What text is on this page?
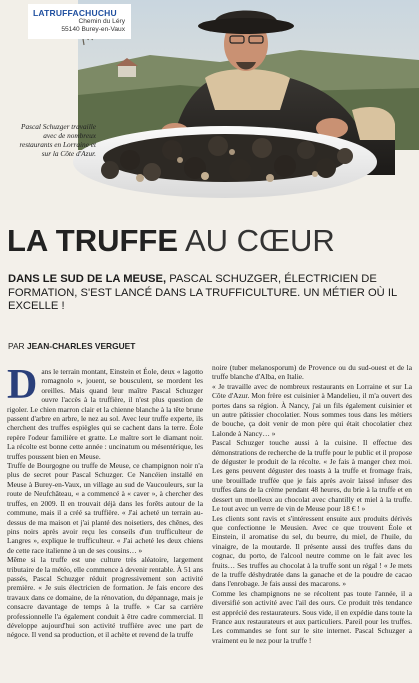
LATRUFFACHUCHU
Chemin du Léry
55140 Burey-en-Vaux
Pascal Schuzger travaille avec de nombreux restaurants en Lorraine et sur la Côte d'Azur.
LA TRUFFE AU CŒUR
DANS LE SUD DE LA MEUSE, PASCAL SCHUZGER, ÉLECTRICIEN DE FORMATION, S'EST LANCÉ DANS LA TRUFFICULTURE. UN MÉTIER OÙ IL EXCELLE !
PAR JEAN-CHARLES VERGUET

Dans le terrain montant, Einstein et Éole, deux « lagotto romagnolo », jouent, se bousculent, se mordent les oreilles. Mais quand leur maître Pascal Schuzger ouvre l'accès à la truffière, il n'est plus question de rigoler. Le chien marron clair et la chienne blanche à la tête brune passent d'arbre en arbre, le nez au sol. Avec leur truffe experte, ils cherchent des truffes espiègles qui se cachent dans la terre. Éole repère l'odeur familière et gratte. Le maître sort le diamant noir. La récolte est bonne cette année : uncinatum ou mésentérique, les truffes poussent bien en Meuse.

Truffe de Bourgogne ou truffe de Meuse, ce champignon noir n'a plus de secret pour Pascal Schuzger. Ce Nancéien installé en Meuse à Burey-en-Vaux, un village au sud de Vaucouleurs, sur la route de Neufchâteau, « a commencé à « caver », à chercher des truffes, en 2009. Il en trouvait déjà dans les forêts autour de la commune, mais il a créé sa truffière. « J'ai acheté un terrain au-dessus de ma maison et j'ai planté des noisetiers, des chênes, des pins noirs après avoir reçu les conseils d'un trufficulteur de Langres », explique le trufficulteur. « J'ai acheté les deux chiens de cette race italienne à un de ses cousins… »

Même si la truffe est une culture très aléatoire, largement tributaire de la météo, elle commence à devenir rentable. À 51 ans passés, Pascal Schuzger réduit progressivement son activité première. « Je suis électricien de formation. Je fais encore des travaux dans ce domaine, de la rénovation, du dépannage, mais je consacre davantage de temps à la truffe. » Car sa carrière professionnelle l'a également conduit à être cadre commercial. Il développe aujourd'hui son activité truffière avec une part de négoce. Il vend sa production, et il achète et revend de la truffe

noire (tuber melanosporum) de Provence ou du sud-ouest et de la truffe blanche d'Alba, en Italie.

« Je travaille avec de nombreux restaurants en Lorraine et sur La Côte d'Azur. Mon frère est cuisinier à Mandelieu, il m'a ouvert des portes dans sa région. À Nancy, j'ai un fils également cuisinier et un autre pâtissier chocolatier. Nous sommes tous dans les métiers de bouche, ça doit venir de mon père qui était chocolatier chez Lalonde à Nancy… »

Pascal Schuzger touche aussi à la cuisine. Il effectue des démonstrations de recherche de la truffe pour le public et il propose de déguster le produit de la récolte. « Je fais à manger chez moi. Les gens peuvent déguster des toasts à la truffe et fromage frais, une brouillade truffée que je fais après avoir laissé infuser des truffes dans de la crème pendant 48 heures, du brie à la truffe et en dessert un moelleux au chocolat avec chantilly et miel à la truffe. Le tout avec un verre de vin de Meuse pour 18 € ! »

Les clients sont ravis et s'intéressent ensuite aux produits dérivés que confectionne le Meusien. Avec ce que trouvent Éole et Einstein, il aromatise du sel, du beurre, du miel, de l'huile, du vinaigre, de la moutarde. Il présente aussi des truffes dans du cognac, du porto, de l'alcool neutre comme on le fait avec les fruits… Ses truffes au chocolat à la truffe sont un régal ! « Je mets de la truffe déshydratée dans la ganache et de la poudre de cacao dans l'enrobage. Je fais aussi des macarons. »

Comme les champignons ne se récoltent pas toute l'année, il a diversifié son activité avec l'ail des ours. Ce produit très tendance est apprécié des restaurateurs. Sous vide, il en expédie dans toute la France aux restaurateurs et aux particuliers. Pareil pour les truffes. Les commandes se font sur le site internet. Pascal Schuzger a vraiment eu le nez pour la truffe !
